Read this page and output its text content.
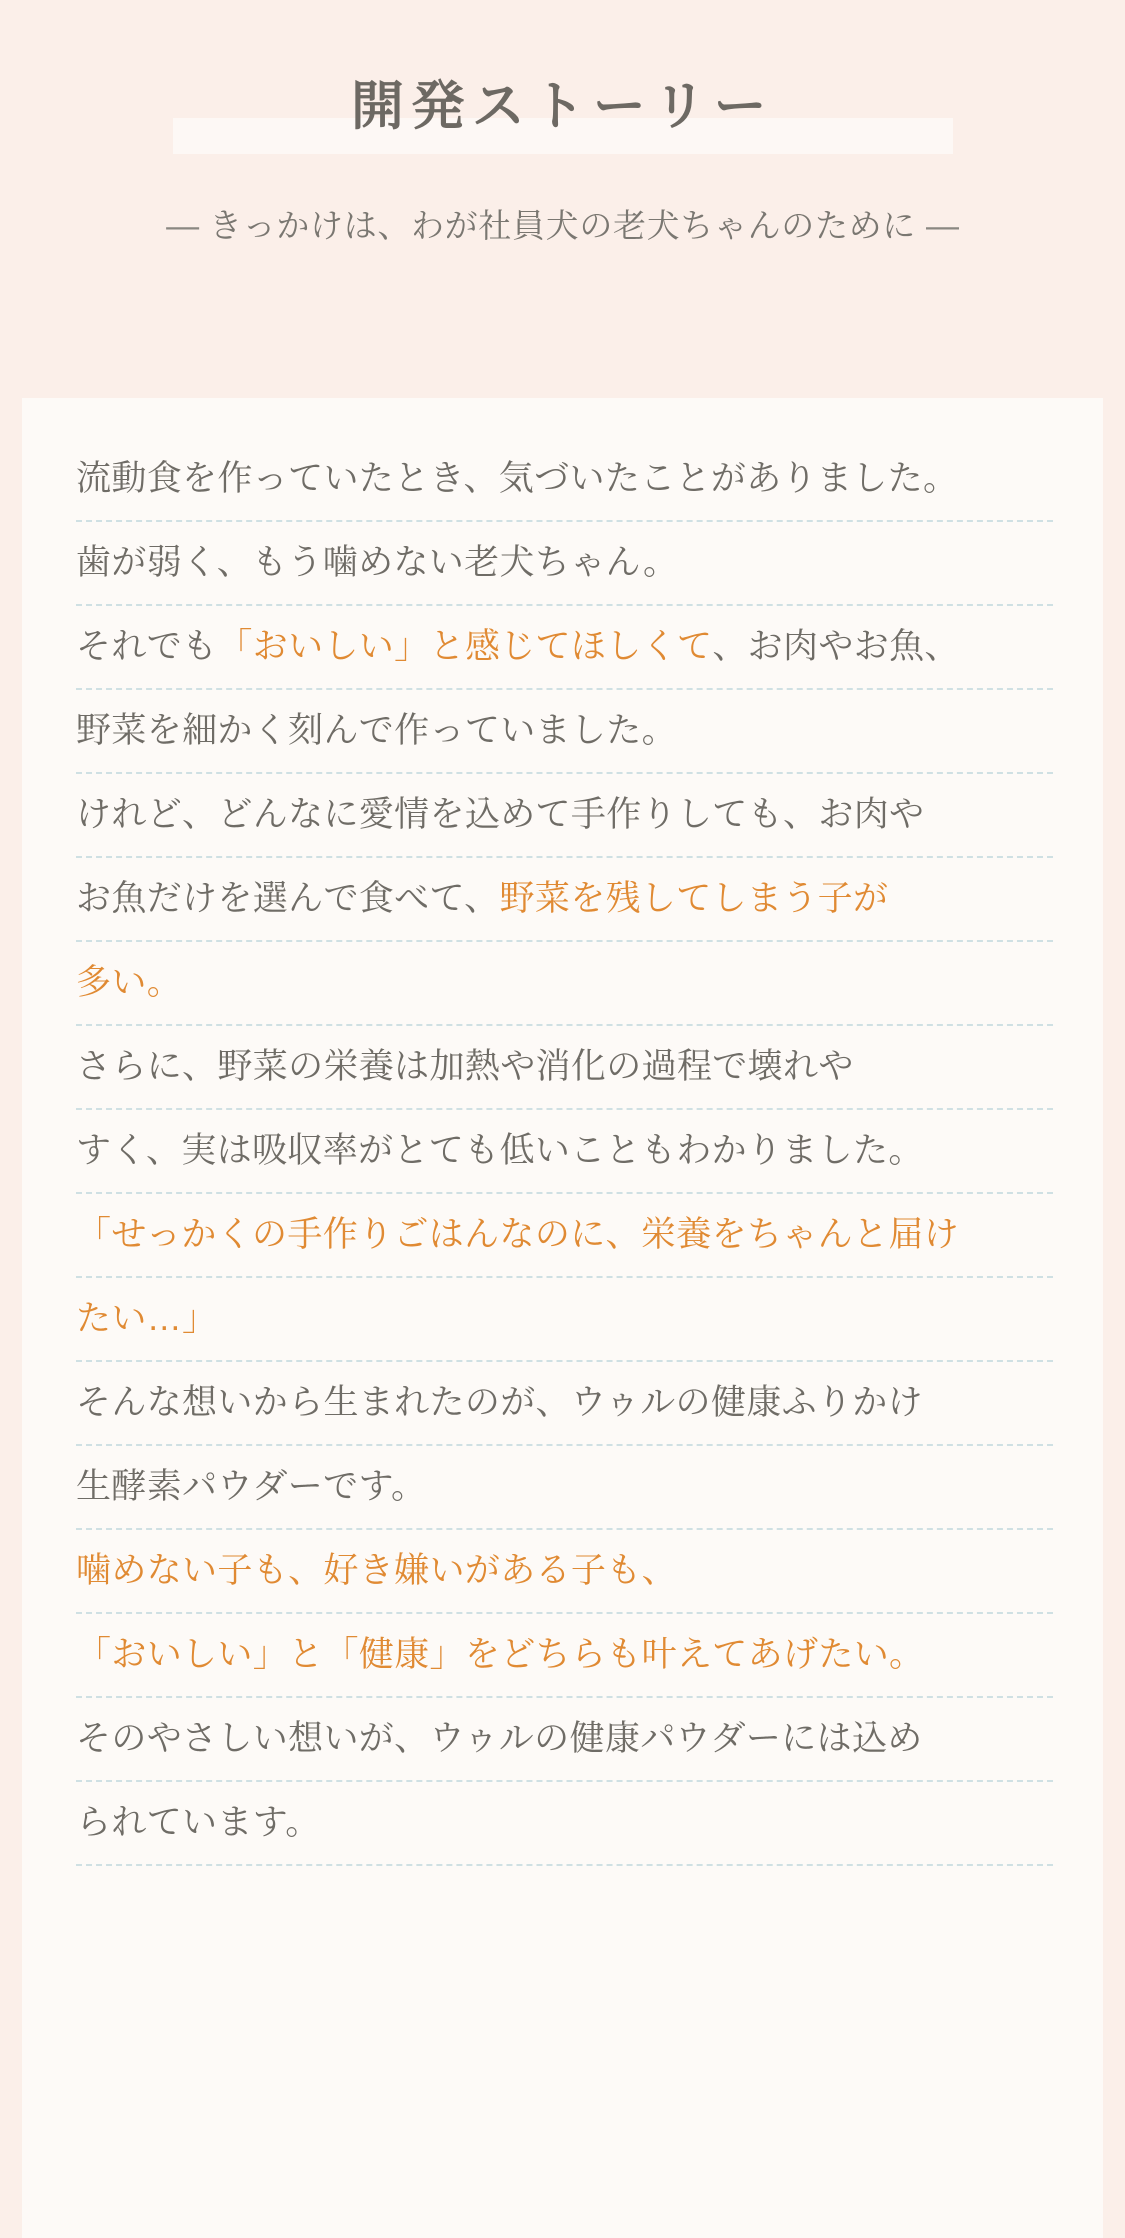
開発ストーリー
— きっかけは、わが社員犬の老犬ちゃんのために —
流動食を作っていたとき、気づいたことがありました。
歯が弱く、もう噛めない老犬ちゃん。
それでも 「おいしい」と感じてほしくて 、お肉やお魚、
野菜を細かく刻んで作っていました。
けれど、どんなに愛情を込めて手作りしても、お肉や
お魚だけを選んで食べて、 野菜を残してしまう子が
多い。
さらに、野菜の栄養は加熱や消化の過程で壊れや
すく、実は吸収率がとても低いこともわかりました。
「せっかくの手作りごはんなのに、栄養をちゃんと届け
たい…」
そんな想いから生まれたのが、ウゥルの健康ふりかけ
生酵素パウダーです。
噛めない子も、好き嫌いがある子も、
「おいしい」と「健康」をどちらも叶えてあげたい。
そのやさしい想いが、ウゥルの健康パウダーには込め
られています。
